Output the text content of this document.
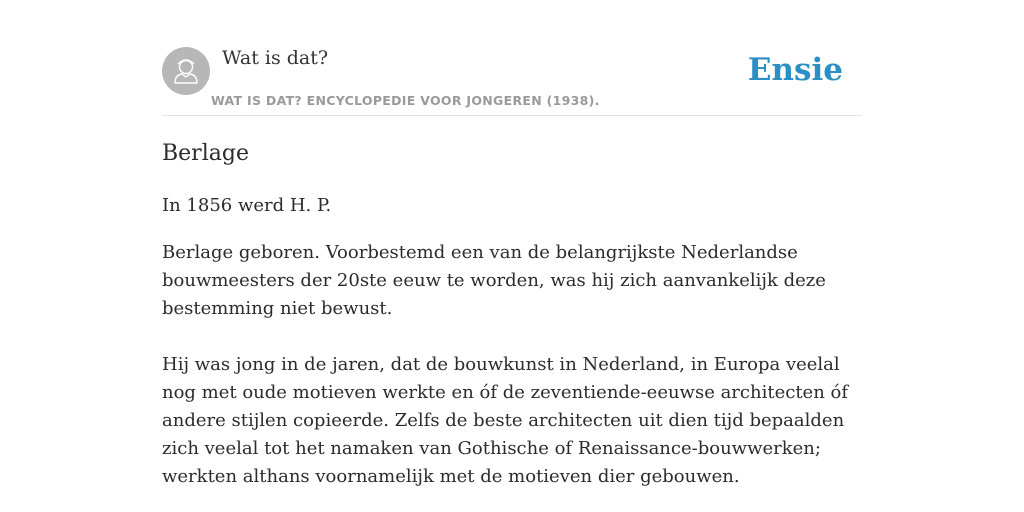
Wat is dat?
WAT IS DAT? ENCYCLOPEDIE VOOR JONGEREN (1938).
Ensie
Berlage

In 1856 werd H. P.

Berlage geboren. Voorbestemd een van de belangrijkste Nederlandse bouwmeesters der 20ste eeuw te worden, was hij zich aanvankelijk deze bestemming niet bewust.

Hij was jong in de jaren, dat de bouwkunst in Nederland, in Europa veelal nog met oude motieven werkte en óf de zeventiende-eeuwse architecten óf andere stijlen copieerde. Zelfs de beste architecten uit dien tijd bepaalden zich veelal tot het namaken van Gothische of Renaissance-bouwwerken; werkten althans voornamelijk met de motieven dier gebouwen.
